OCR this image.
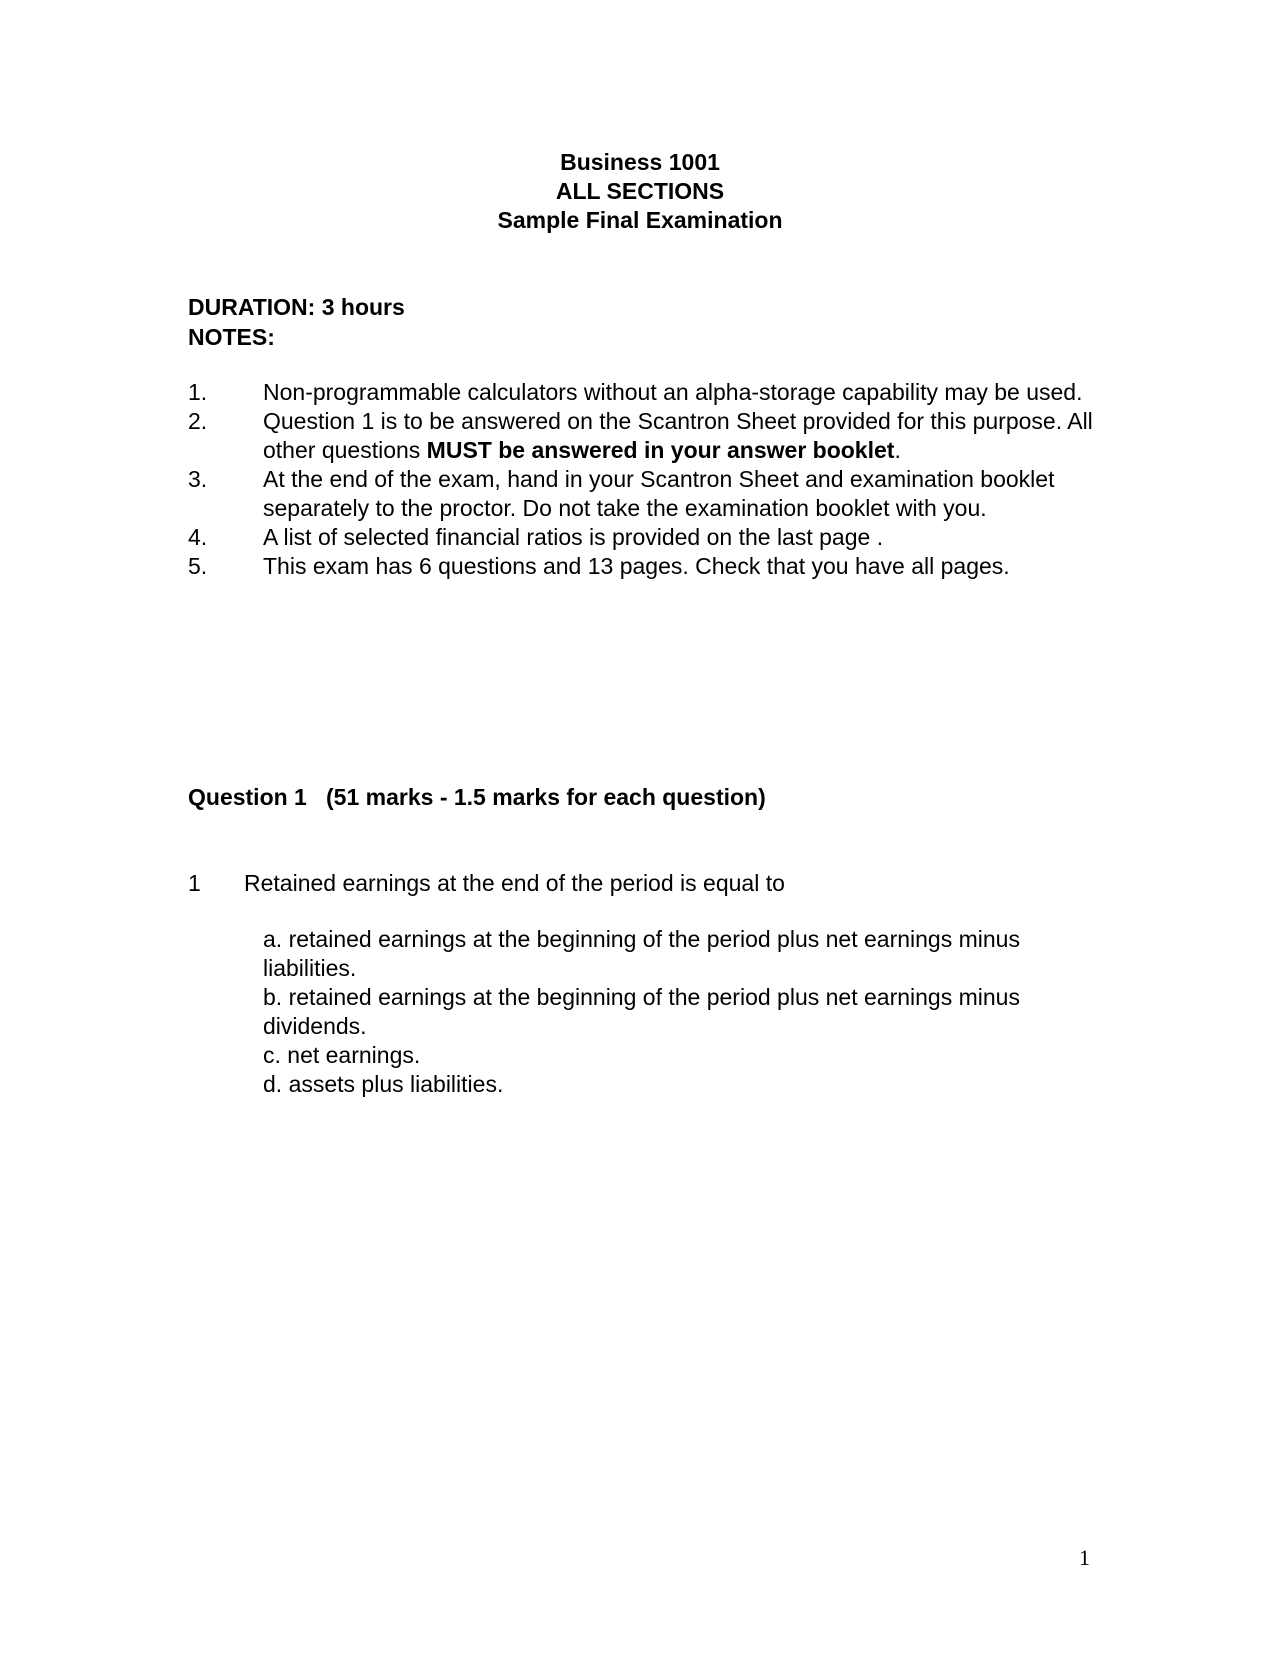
Business 1001
ALL SECTIONS
Sample Final Examination
DURATION: 3 hours
NOTES:
1. Non-programmable calculators without an alpha-storage capability may be used.
2. Question 1 is to be answered on the Scantron Sheet provided for this purpose. All other questions MUST be answered in your answer booklet.
3. At the end of the exam, hand in your Scantron Sheet and examination booklet separately to the proctor. Do not take the examination booklet with you.
4. A list of selected financial ratios is provided on the last page .
5. This exam has 6 questions and 13 pages. Check that you have all pages.
Question 1   (51 marks - 1.5 marks for each question)
1 Retained earnings at the end of the period is equal to
a. retained earnings at the beginning of the period plus net earnings minus liabilities.
b. retained earnings at the beginning of the period plus net earnings minus dividends.
c. net earnings.
d. assets plus liabilities.
1
